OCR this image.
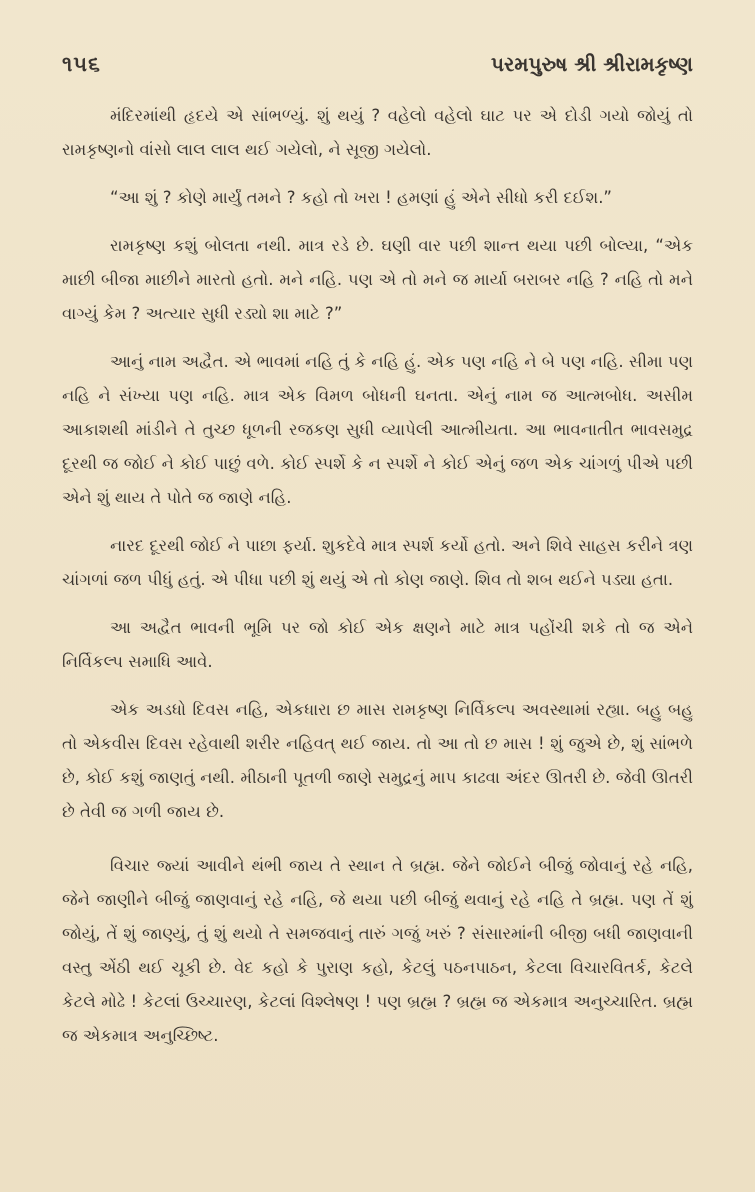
૧૫૬	પરમપુરુષ શ્રી શ્રીરામકૃષ્ણ

મંદિરમાંથી હૃદયે એ સાંભળ્યું. શું થયું ? વહેલો વહેલો ઘાટ પર એ દોડી ગયો જોયું તો રામકૃષ્ણનો વાંસો લાલ લાલ થઈ ગયેલો, ને સૂજી ગયેલો.

“આ શું ? કોણે માર્યું તમને ? કહો તો ખરા ! હમણાં હું એને સીધો કરી દઈશ.”

રામકૃષ્ણ કશું બોલતા નથી. માત્ર રડે છે. ઘણી વાર પછી શાન્ત થયા પછી બોલ્યા, “એક માછી બીજા માછીને મારતો હતો. મને નહિ. પણ એ તો મને જ માર્યા બરાબર નહિ ? નહિ તો મને વાગ્યું કેમ ? અત્યાર સુધી રડ્યો શા માટે ?”

આનું નામ અદ્વૈત. એ ભાવમાં નહિ તું કે નહિ હું. એક પણ નહિ ને બે પણ નહિ. સીમા પણ નહિ ને સંખ્યા પણ નહિ. માત્ર એક વિમળ બોધની ઘનતા. એનું નામ જ આત્મબોધ. અસીમ આકાશથી માંડીને તે તુચ્છ ધૂળની રજકણ સુધી વ્યાપેલી આત્મીયતા. આ ભાવનાતીત ભાવસમુદ્ર દૂરથી જ જોઈ ને કોઈ પાછું વળે. કોઈ સ્પર્શે કે ન સ્પર્શે ને કોઈ એનું જળ એક ચાંગળું પીએ પછી એને શું થાય તે પોતે જ જાણે નહિ.

નારદ દૂરથી જોઈ ને પાછા ફર્યા. શુકદેવે માત્ર સ્પર્શ કર્યો હતો. અને શિવે સાહસ કરીને ત્રણ ચાંગળાં જળ પીધું હતું. એ પીધા પછી શું થયું એ તો કોણ જાણે. શિવ તો શબ થઈને પડ્યા હતા.

આ અદ્વૈત ભાવની ભૂમિ પર જો કોઈ એક ક્ષણને માટે માત્ર પહોંચી શકે તો જ એને નિર્વિકલ્પ સમાધિ આવે.

એક અડધો દિવસ નહિ, એકધારા છ માસ રામકૃષ્ણ નિર્વિકલ્પ અવસ્થામાં રહ્યા. બહુ બહુ તો એકવીસ દિવસ રહેવાથી શરીર નહિવત્ થઈ જાય. તો આ તો છ માસ ! શું જુએ છે, શું સાંભળે છે, કોઈ કશું જાણતું નથી. મીઠાની પૂતળી જાણે સમુદ્રનું માપ કાઢવા અંદર ઊતરી છે. જેવી ઊતરી છે તેવી જ ગળી જાય છે.

વિચાર જ્યાં આવીને થંભી જાય તે સ્થાન તે બ્રહ્મ. જેને જોઈને બીજું જોવાનું રહે નહિ, જેને જાણીને બીજું જાણવાનું રહે નહિ, જે થયા પછી બીજું થવાનું રહે નહિ તે બ્રહ્મ. પણ તેં શું જોયું, તેં શું જાણ્યું, તું શું થયો તે સમજવાનું તારું ગજું ખરું ? સંસારમાંની બીજી બધી જાણવાની વસ્તુ એંઠી થઈ ચૂકી છે. વેદ કહો કે પુરાણ કહો, કેટલું પઠનપાઠન, કેટલા વિચારવિતર્ક, કેટલે કેટલે મોઢે ! કેટલાં ઉચ્ચારણ, કેટલાં વિશ્લેષણ ! પણ બ્રહ્મ ? બ્રહ્મ જ એકમાત્ર અનુચ્ચારિત. બ્રહ્મ જ એકમાત્ર અનુચ્છિષ્ટ.
